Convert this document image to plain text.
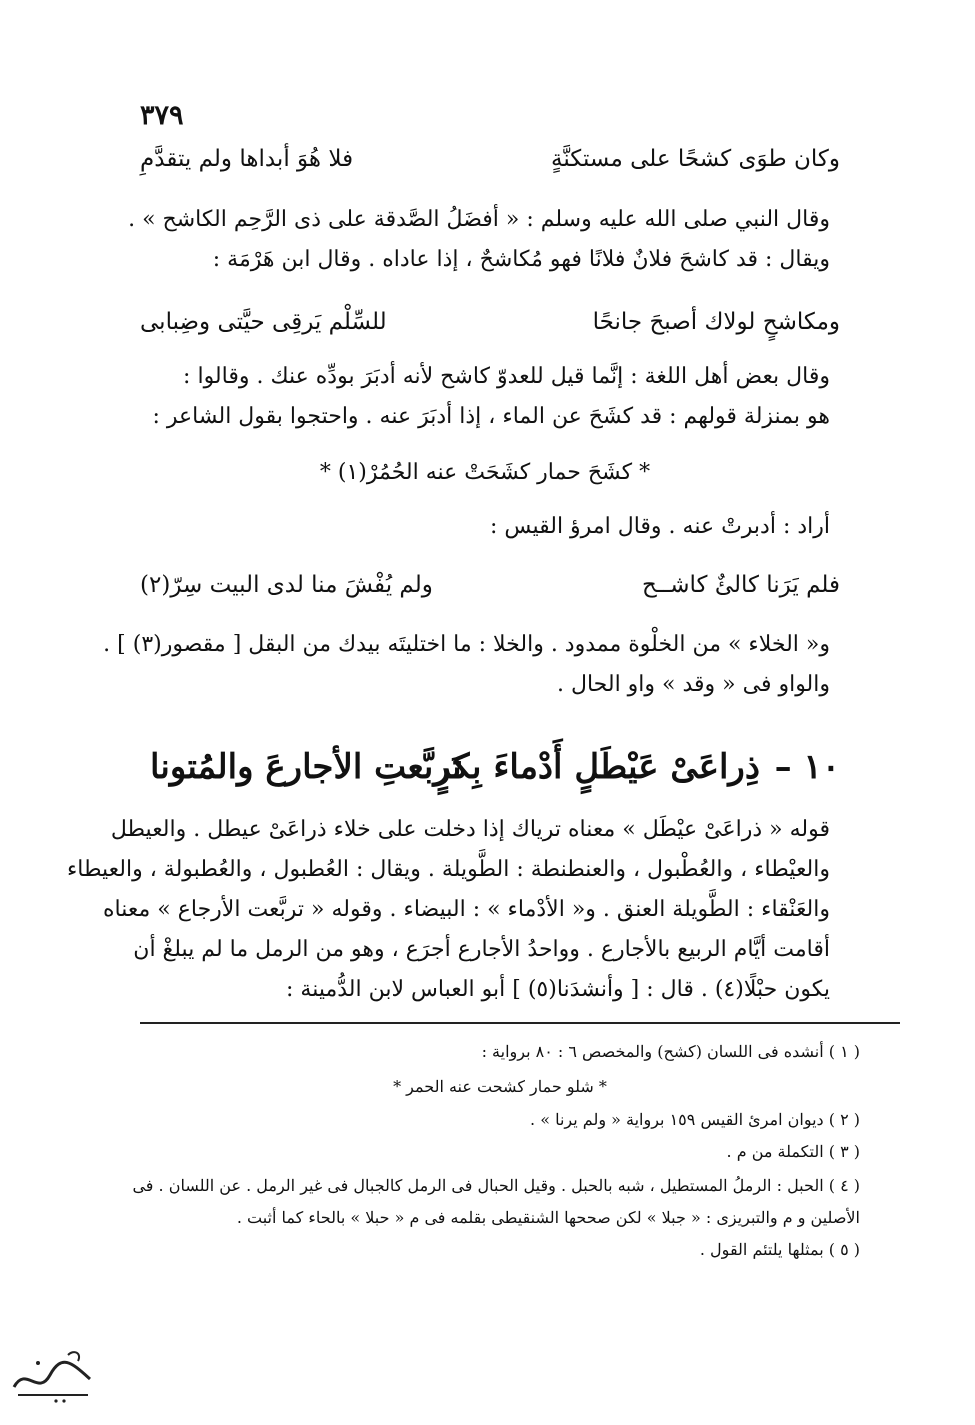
٣٧٩
وكان طوَى كشحًا على مستكنَّةٍ
فلا هُوَ أبداها ولم يتقدَّمِ
وقال النبي صلى الله عليه وسلم : « أفضَلُ الصَّدقة على ذى الرَّحِم الكاشح » .
ويقال : قد كاشحَ فلانٌ فلانًا فهو مُكاشحٌ ، إذا عاداه . وقال ابن هَرْمَة :
ومكاشحٍ لولاك أصبحَ جانحًا
للسِّلْم يَرقِى حيَّتى وضِبابى
وقال بعض أهل اللغة : إنَّما قيل للعدوّ كاشح لأنه أدبَرَ بودِّه عنك . وقالوا :
هو بمنزلة قولهم : قد كشَحَ عن الماء ، إذا أدبَرَ عنه . واحتجوا بقول الشاعر :
* كشَحَ حمار كشَحَتْ عنه الحُمُرْ(١) *
أراد : أدبرتْ عنه . وقال امرؤ القيس :
فلم يَرَنا كالئٌ كاشــح
ولم يُفْشَ منا لدى البيت سِرّ(٢)
و« الخلاء » من الخلْوة ممدود . والخلا : ما اختليتَه بيدك من البقل [ مقصور(٣) ] .
والواو فى « وقد » واو الحال .
١٠ –
ذِراعَىْ عَيْطَلٍ أَدْماءَ بِكرٍ
تَربَّعتِ الأجارعَ والمُتونا
قوله « ذراعَىْ عيْطَل » معناه ترياك إذا دخلت على خلاء ذراعَىْ عيطل . والعيطل
والعيْطاء ، والعُطْبول ، والعنطنطة : الطَّويلة . ويقال : العُطبول ، والعُطبولة ، والعيطاء
والعَنْقاء : الطَّويلة العنق . و« الأدْماء » : البيضاء . وقوله « تربَّعت الأرجاع » معناه
أقامت أيَّام الربيع بالأجارع . وواحدُ الأجارع أجرَع ، وهو من الرمل ما لم يبلغْ أن
يكون حبْلًا(٤) . قال : [ وأنشدَنا(٥) ] أبو العباس لابن الدُّمينة :
( ١ ) أنشده فى اللسان (كشح) والمخصص ٦ : ٨٠ برواية :
* شلو حمار كشحت عنه الحمر *
( ٢ ) ديوان امرئ القيس ١٥٩ برواية « ولم يرنا » .
( ٣ ) التكملة من م .
( ٤ ) الحبل : الرملُ المستطيل ، شبه بالحبل . وقيل الحبال فى الرمل كالجبال فى غير الرمل . عن اللسان . فى
الأصلين و م والتبريزى : « جبلا » لكن صححها الشنقيطى بقلمه فى م « حبلا » بالحاء كما أثبت .
( ٥ ) بمثلها يلتئم القول .
